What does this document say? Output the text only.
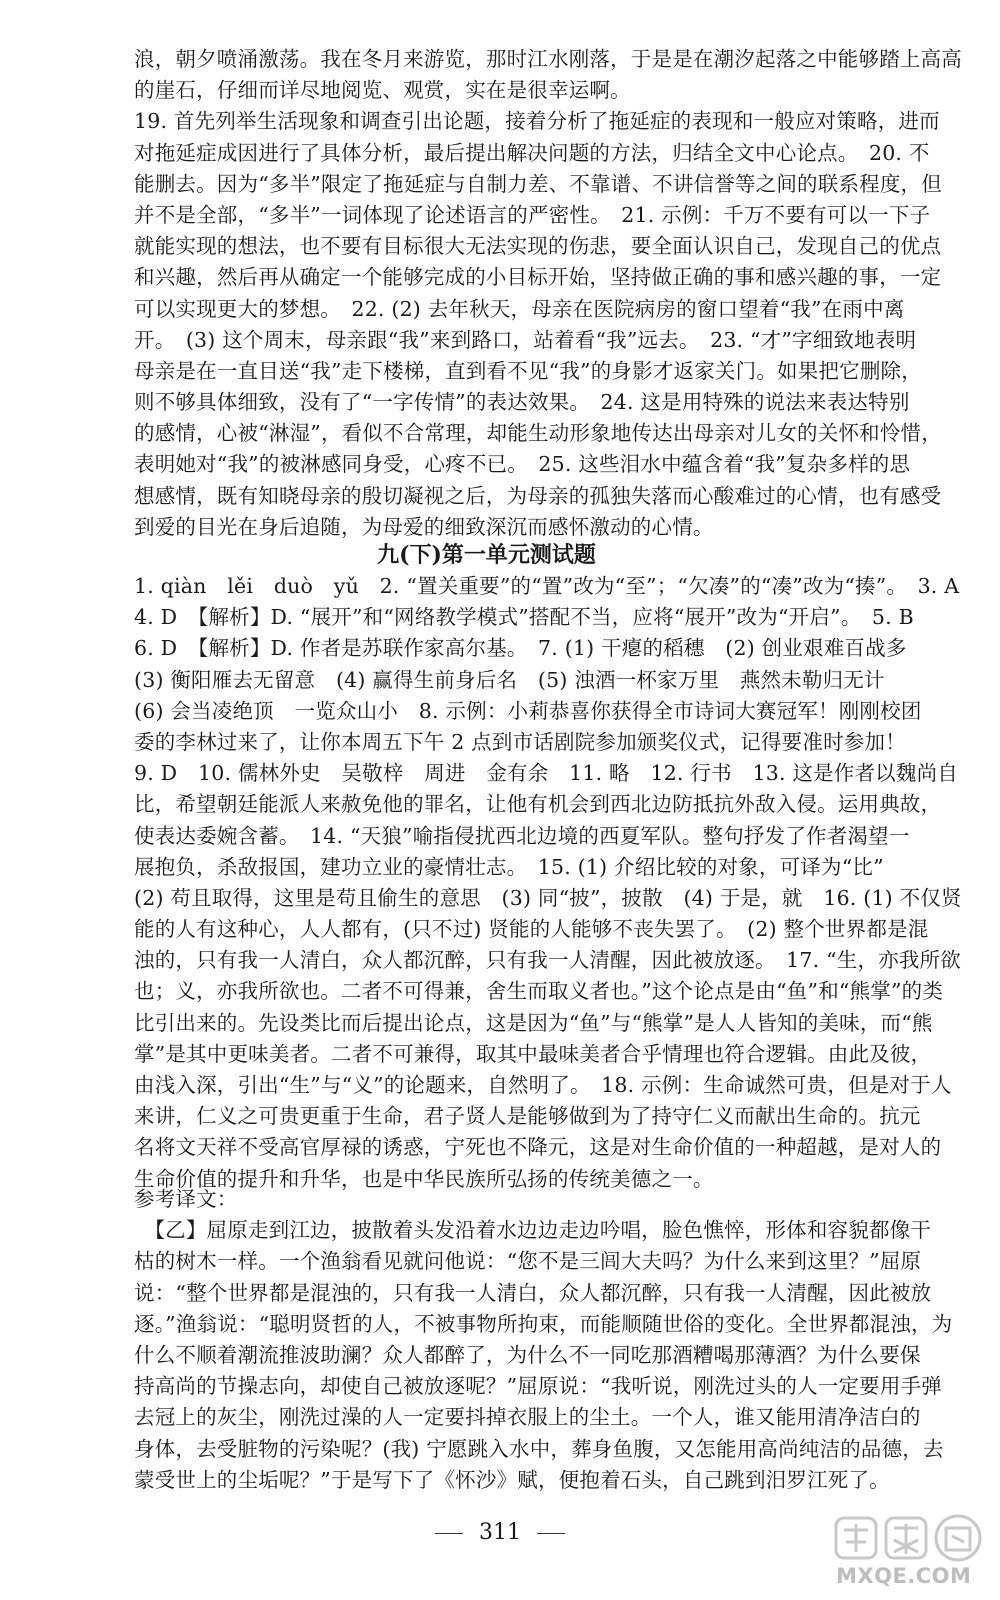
浪，朝夕喷涌激荡。我在冬月来游览，那时江水刚落，于是是在潮汐起落之中能够踏上高高
的崖石，仔细而详尽地阅览、观赏，实在是很幸运啊。
19. 首先列举生活现象和调查引出论题，接着分析了拖延症的表现和一般应对策略，进而
对拖延症成因进行了具体分析，最后提出解决问题的方法，归结全文中心论点。　20. 不
能删去。因为“多半”限定了拖延症与自制力差、不靠谱、不讲信誉等之间的联系程度，但
并不是全部，“多半”一词体现了论述语言的严密性。　21. 示例：千万不要有可以一下子
就能实现的想法，也不要有目标很大无法实现的伤悲，要全面认识自己，发现自己的优点
和兴趣，然后再从确定一个能够完成的小目标开始，坚持做正确的事和感兴趣的事，一定
可以实现更大的梦想。　22. (2) 去年秋天，母亲在医院病房的窗口望着“我”在雨中离
开。　(3) 这个周末，母亲跟“我”来到路口，站着看“我”远去。　23. “才”字细致地表明
母亲是在一直目送“我”走下楼梯，直到看不见“我”的身影才返家关门。如果把它删除，
则不够具体细致，没有了“一字传情”的表达效果。　24. 这是用特殊的说法来表达特别
的感情，心被“淋湿”，看似不合常理，却能生动形象地传达出母亲对儿女的关怀和怜惜，
表明她对“我”的被淋感同身受，心疼不已。　25. 这些泪水中蕴含着“我”复杂多样的思
想感情，既有知晓母亲的殷切凝视之后，为母亲的孤独失落而心酸难过的心情，也有感受
到爱的目光在身后追随，为母爱的细致深沉而感怀激动的心情。
九(下)第一单元测试题
1. qiàn　lěi　duò　yǔ　2. “置关重要”的“置”改为“至”；“欠凑”的“凑”改为“揍”。　3. A
4. D　【解析】D. “展开”和“网络教学模式”搭配不当，应将“展开”改为“开启”。　5. B
6. D　【解析】D. 作者是苏联作家高尔基。　7. (1) 干瘪的稻穗　(2) 创业艰难百战多
(3) 衡阳雁去无留意　(4) 赢得生前身后名　(5) 浊酒一杯家万里　燕然未勒归无计
(6) 会当凌绝顶　一览众山小　8. 示例：小莉恭喜你获得全市诗词大赛冠军！刚刚校团
委的李林过来了，让你本周五下午 2 点到市话剧院参加颁奖仪式，记得要准时参加！
9. D　10. 儒林外史　吴敬梓　周进　金有余　11. 略　12. 行书　13. 这是作者以魏尚自
比，希望朝廷能派人来赦免他的罪名，让他有机会到西北边防抵抗外敌入侵。运用典故，
使表达委婉含蓄。　14. “天狼”喻指侵扰西北边境的西夏军队。整句抒发了作者渴望一
展抱负，杀敌报国，建功立业的豪情壮志。　15. (1) 介绍比较的对象，可译为“比”
(2) 苟且取得，这里是苟且偷生的意思　(3) 同“披”，披散　(4) 于是，就　16. (1) 不仅贤
能的人有这种心，人人都有，(只不过) 贤能的人能够不丧失罢了。　(2) 整个世界都是混
浊的，只有我一人清白，众人都沉醉，只有我一人清醒，因此被放逐。　17. “生，亦我所欲
也；义，亦我所欲也。二者不可得兼，舍生而取义者也。”这个论点是由“鱼”和“熊掌”的类
比引出来的。先设类比而后提出论点，这是因为“鱼”与“熊掌”是人人皆知的美味，而“熊
掌”是其中更味美者。二者不可兼得，取其中最味美者合乎情理也符合逻辑。由此及彼，
由浅入深，引出“生”与“义”的论题来，自然明了。　18. 示例：生命诚然可贵，但是对于人
来讲，仁义之可贵更重于生命，君子贤人是能够做到为了持守仁义而献出生命的。抗元
名将文天祥不受高官厚禄的诱惑，宁死也不降元，这是对生命价值的一种超越，是对人的
生命价值的提升和升华，也是中华民族所弘扬的传统美德之一。
参考译文：
　【乙】屈原走到江边，披散着头发沿着水边边走边吟唱，脸色憔悴，形体和容貌都像干
枯的树木一样。一个渔翁看见就问他说：“您不是三闾大夫吗？为什么来到这里？”屈原
说：“整个世界都是混浊的，只有我一人清白，众人都沉醉，只有我一人清醒，因此被放
逐。”渔翁说：“聪明贤哲的人，不被事物所拘束，而能顺随世俗的变化。全世界都混浊，为
什么不顺着潮流推波助澜？众人都醉了，为什么不一同吃那酒糟喝那薄酒？为什么要保
持高尚的节操志向，却使自己被放逐呢？”屈原说：“我听说，刚洗过头的人一定要用手弹
去冠上的灰尘，刚洗过澡的人一定要抖掉衣服上的尘土。一个人，谁又能用清净洁白的
身体，去受脏物的污染呢？(我) 宁愿跳入水中，葬身鱼腹，又怎能用高尚纯洁的品德，去
蒙受世上的尘垢呢？”于是写下了《怀沙》赋，便抱着石头，自己跳到汨罗江死了。
311
MXQE.COM
